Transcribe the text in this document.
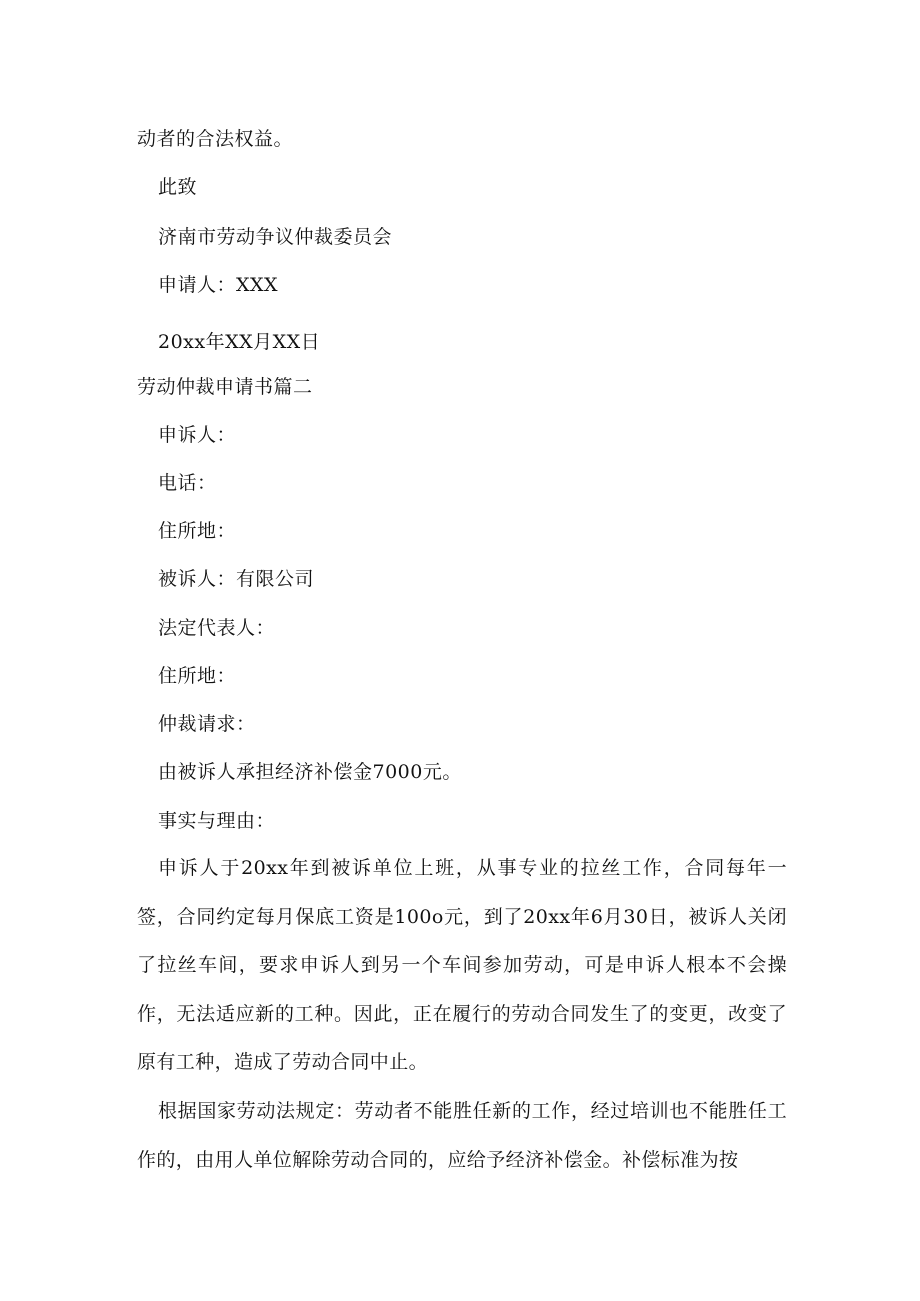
动者的合法权益。
此致
济南市劳动争议仲裁委员会
申请人：XXX
20xx年XX月XX日
劳动仲裁申请书篇二
申诉人：
电话：
住所地：
被诉人：有限公司
法定代表人：
住所地：
仲裁请求：
由被诉人承担经济补偿金7000元。
事实与理由：
申诉人于20xx年到被诉单位上班，从事专业的拉丝工作，合同每年一签，合同约定每月保底工资是100o元，到了20xx年6月30日，被诉人关闭了拉丝车间，要求申诉人到另一个车间参加劳动，可是申诉人根本不会操作，无法适应新的工种。因此，正在履行的劳动合同发生了的变更，改变了原有工种，造成了劳动合同中止。
根据国家劳动法规定：劳动者不能胜任新的工作，经过培训也不能胜任工作的，由用人单位解除劳动合同的，应给予经济补偿金。补偿标准为按
